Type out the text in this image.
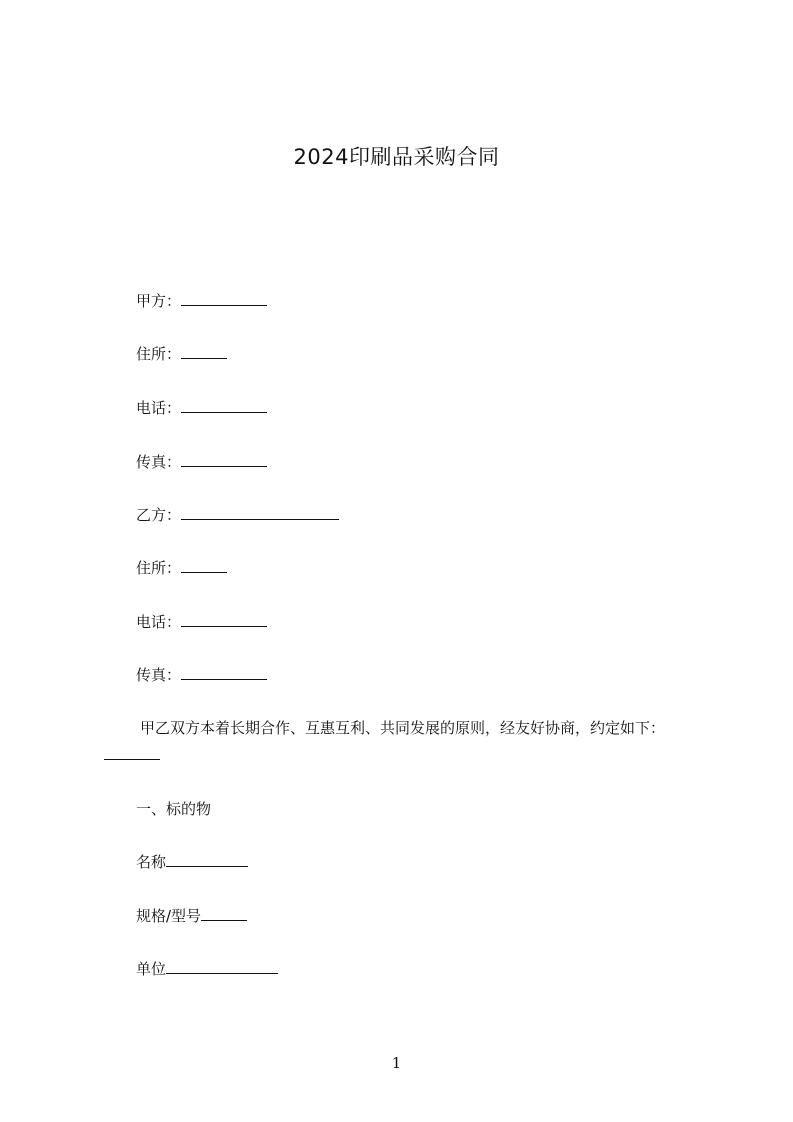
2024印刷品采购合同
甲方：
住所：
电话：
传真：
乙方：
住所：
电话：
传真：
甲乙双方本着长期合作、互惠互利、共同发展的原则，经友好协商，约定如下：
一、标的物
名称
规格/型号
单位
1
